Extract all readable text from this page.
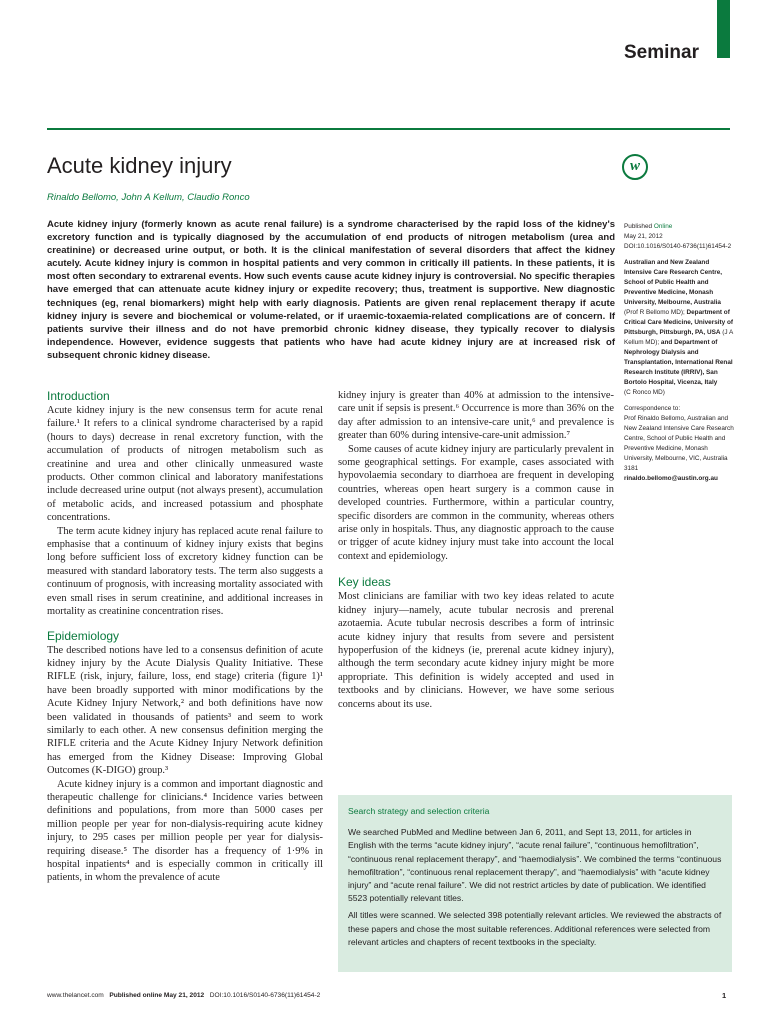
Seminar
Acute kidney injury	w
Rinaldo Bellomo, John A Kellum, Claudio Ronco
Acute kidney injury (formerly known as acute renal failure) is a syndrome characterised by the rapid loss of the kidney's excretory function and is typically diagnosed by the accumulation of end products of nitrogen metabolism (urea and creatinine) or decreased urine output, or both. It is the clinical manifestation of several disorders that affect the kidney acutely. Acute kidney injury is common in hospital patients and very common in critically ill patients. In these patients, it is most often secondary to extrarenal events. How such events cause acute kidney injury is controversial. No specific therapies have emerged that can attenuate acute kidney injury or expedite recovery; thus, treatment is supportive. New diagnostic techniques (eg, renal biomarkers) might help with early diagnosis. Patients are given renal replacement therapy if acute kidney injury is severe and biochemical or volume-related, or if uraemic-toxaemia-related complications are of concern. If patients survive their illness and do not have premorbid chronic kidney disease, they typically recover to dialysis independence. However, evidence suggests that patients who have had acute kidney injury are at increased risk of subsequent chronic kidney disease.
Published Online
May 21, 2012
DOI:10.1016/S0140-6736(11)61454-2
Australian and New Zealand Intensive Care Research Centre, School of Public Health and Preventive Medicine, Monash University, Melbourne, Australia (Prof R Bellomo MD); Department of Critical Care Medicine, University of Pittsburgh, Pittsburgh, PA, USA (J A Kellum MD); and Department of Nephrology Dialysis and Transplantation, International Renal Research Institute (IRRIV), San Bortolo Hospital, Vicenza, Italy
(C Ronco MD)
Correspondence to:
Prof Rinaldo Bellomo, Australian and New Zealand Intensive Care Research Centre, School of Public Health and Preventive Medicine, Monash University, Melbourne, VIC, Australia 3181
rinaldo.bellomo@austin.org.au
Introduction

Acute kidney injury is the new consensus term for acute renal failure.¹ It refers to a clinical syndrome characterised by a rapid (hours to days) decrease in renal excretory function, with the accumulation of products of nitrogen metabolism such as creatinine and urea and other clinically unmeasured waste products. Other common clinical and laboratory manifestations include decreased urine output (not always present), accumulation of metabolic acids, and increased potassium and phosphate concentrations.

The term acute kidney injury has replaced acute renal failure to emphasise that a continuum of kidney injury exists that begins long before sufficient loss of excretory kidney function can be measured with standard laboratory tests. The term also suggests a continuum of prognosis, with increasing mortality associated with even small rises in serum creatinine, and additional increases in mortality as creatinine concentration rises.

Epidemiology

The described notions have led to a consensus definition of acute kidney injury by the Acute Dialysis Quality Initiative. These RIFLE (risk, injury, failure, loss, end stage) criteria (figure 1)¹ have been broadly supported with minor modifications by the Acute Kidney Injury Network,² and both definitions have now been validated in thousands of patients³ and seem to work similarly to each other. A new consensus definition merging the RIFLE criteria and the Acute Kidney Injury Network definition has emerged from the Kidney Disease: Improving Global Outcomes (K-DIGO) group.³

Acute kidney injury is a common and important diagnostic and therapeutic challenge for clinicians.⁴ Incidence varies between definitions and populations, from more than 5000 cases per million people per year for non-dialysis-requiring acute kidney injury, to 295 cases per million people per year for dialysis-requiring disease.⁵ The disorder has a frequency of 1·9% in hospital inpatients⁴ and is especially common in critically ill patients, in whom the prevalence of acute

kidney injury is greater than 40% at admission to the intensive-care unit if sepsis is present.⁶ Occurrence is more than 36% on the day after admission to an intensive-care unit,⁶ and prevalence is greater than 60% during intensive-care-unit admission.⁷

Some causes of acute kidney injury are particularly prevalent in some geographical settings. For example, cases associated with hypovolaemia secondary to diarrhoea are frequent in developing countries, whereas open heart surgery is a common cause in developed countries. Furthermore, within a particular country, specific disorders are common in the community, whereas others arise only in hospitals. Thus, any diagnostic approach to the cause or trigger of acute kidney injury must take into account the local context and epidemiology.

Key ideas

Most clinicians are familiar with two key ideas related to acute kidney injury—namely, acute tubular necrosis and prerenal azotaemia. Acute tubular necrosis describes a form of intrinsic acute kidney injury that results from severe and persistent hypoperfusion of the kidneys (ie, prerenal acute kidney injury), although the term secondary acute kidney injury might be more appropriate. This definition is widely accepted and used in textbooks and by clinicians. However, we have some serious concerns about its use.

Search strategy and selection criteria

We searched PubMed and Medline between Jan 6, 2011, and Sept 13, 2011, for articles in English with the terms “acute kidney injury”, “acute renal failure”, “continuous hemofiltration”, “continuous renal replacement therapy”, and “haemodialysis”. We combined the terms “continuous hemofiltration”, “continuous renal replacement therapy”, and “haemodialysis” with “acute kidney injury” and “acute renal failure”. We did not restrict articles by date of publication. We identified 5523 potentially relevant titles.

All titles were scanned. We selected 398 potentially relevant articles. We reviewed the abstracts of these papers and chose the most suitable references. Additional references were selected from relevant articles and chapters of recent textbooks in the specialty.

www.thelancet.com Published online May 21, 2012 DOI:10.1016/S0140-6736(11)61454-2	1
